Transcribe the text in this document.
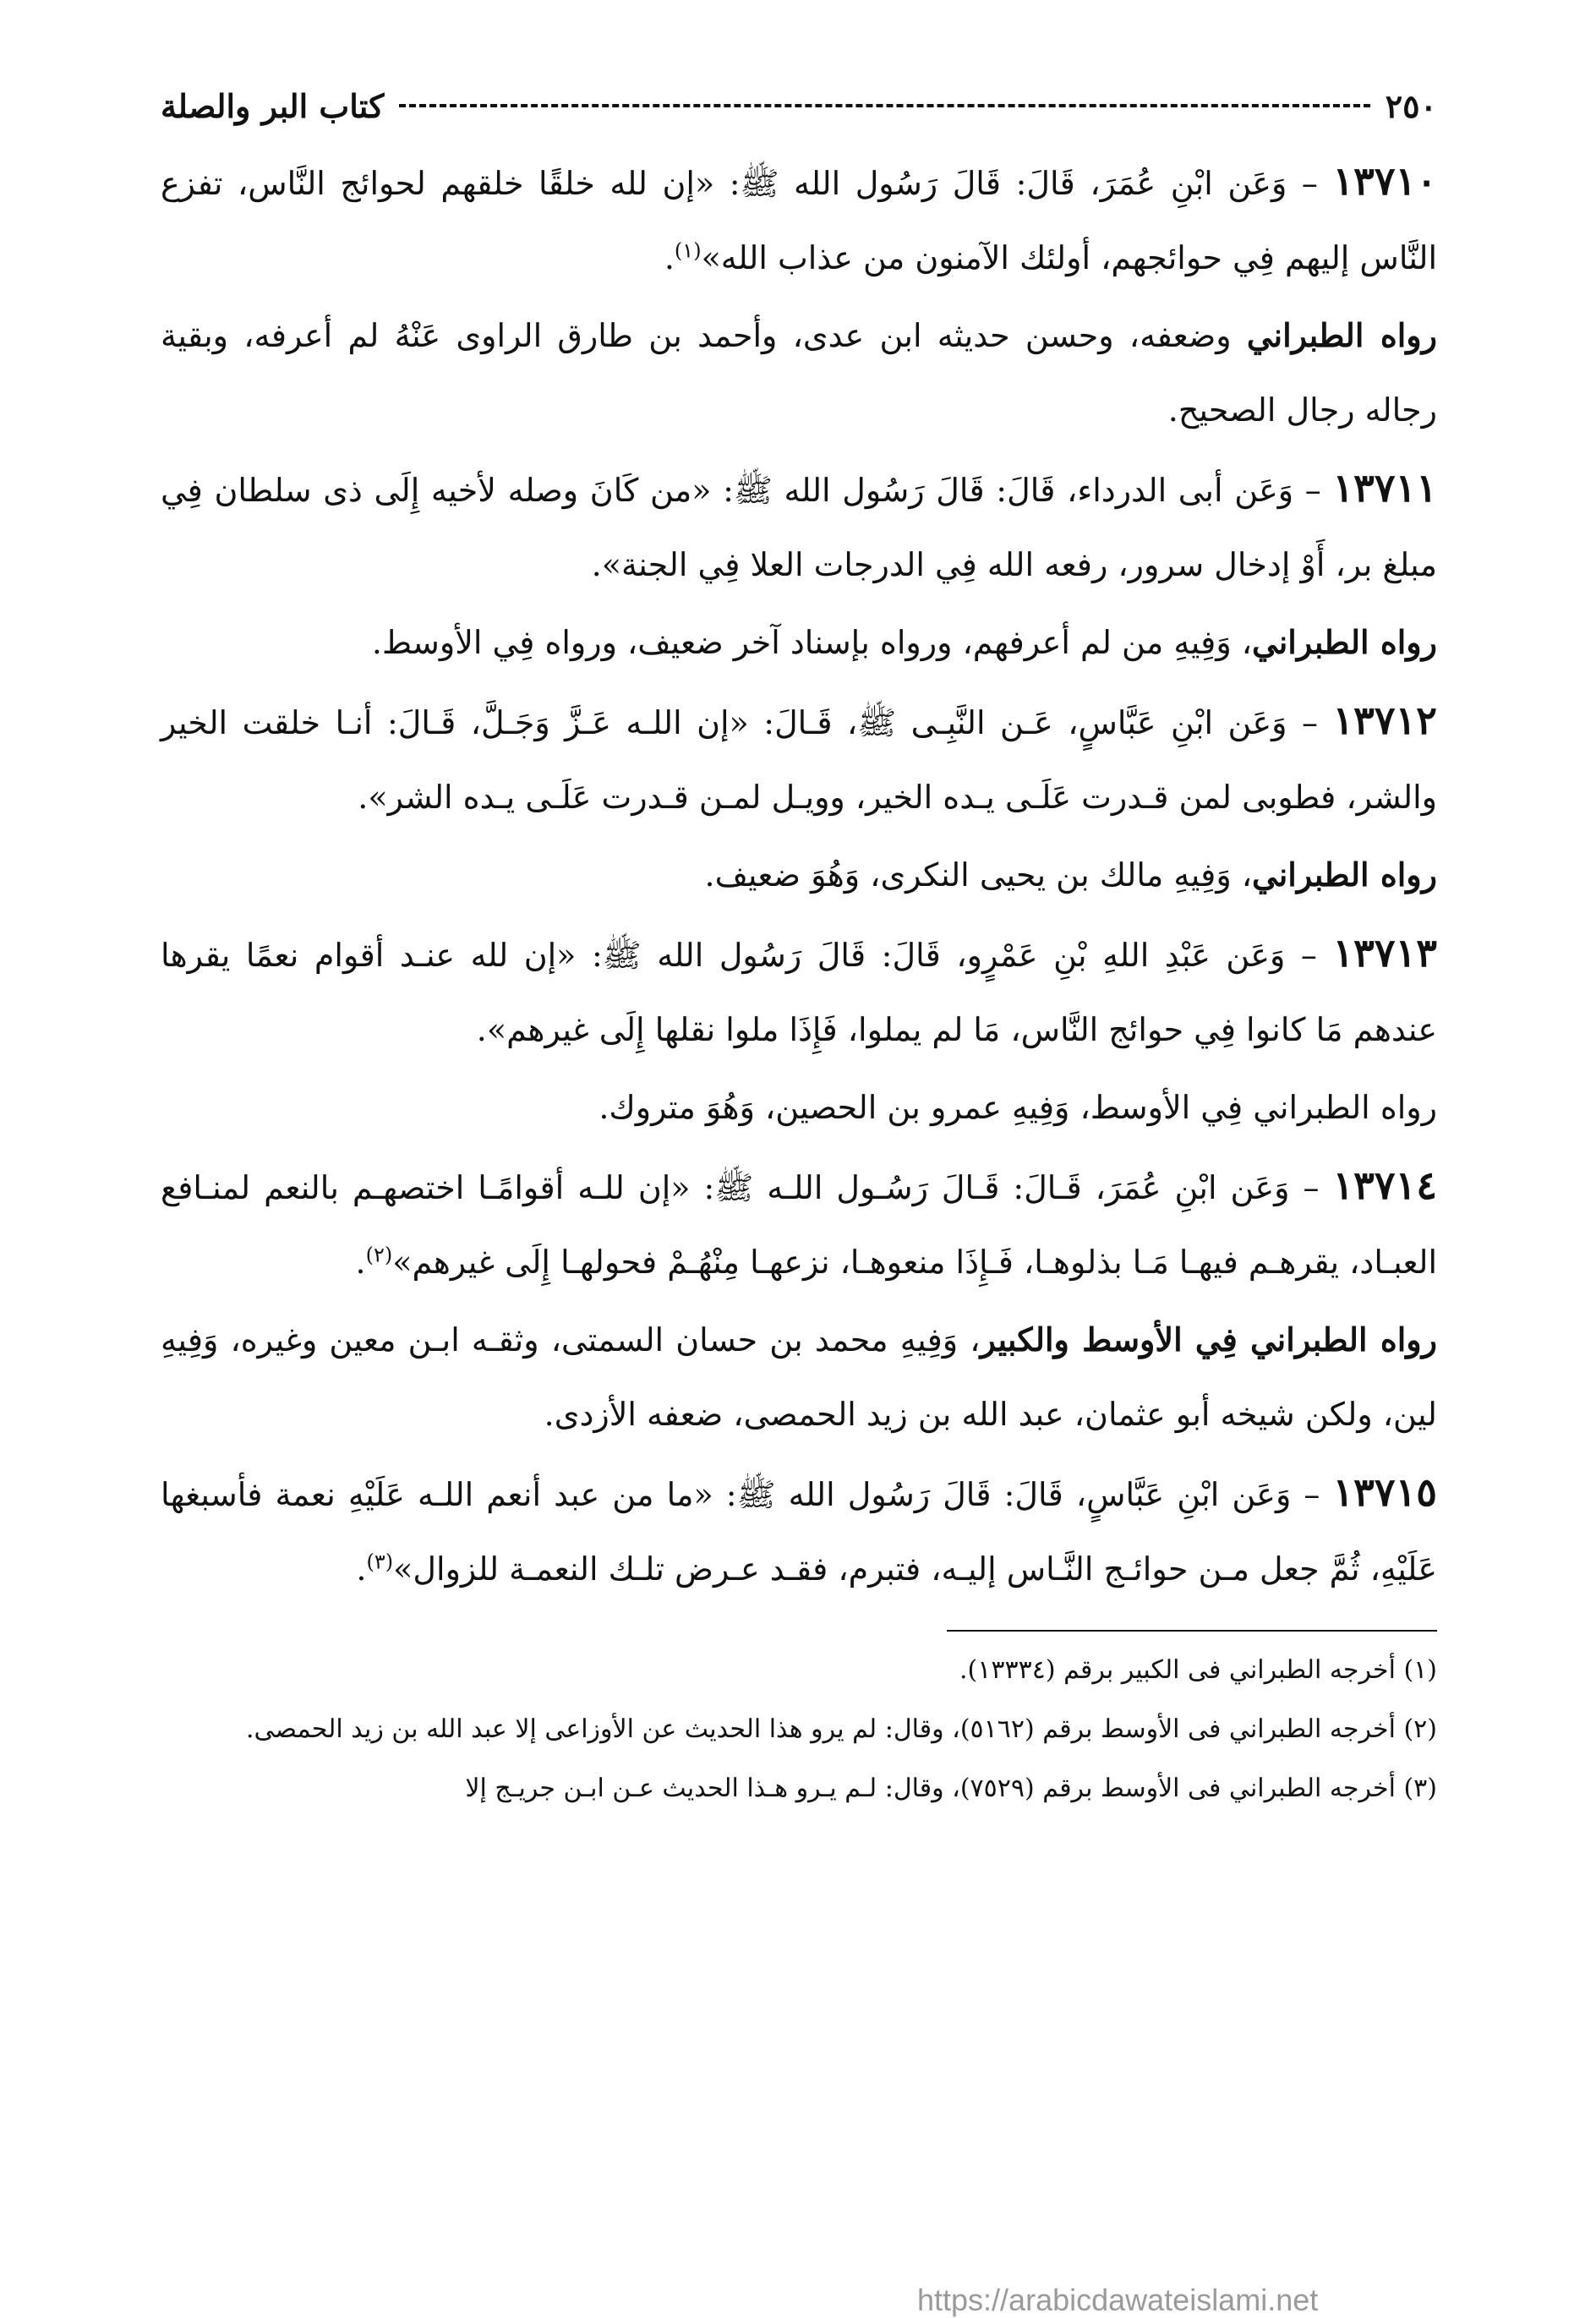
٢٥٠
كتاب البر والصلة

١٣٧١٠ – وَعَن ابْنِ عُمَرَ، قَالَ: قَالَ رَسُول الله ﷺ: «إن لله خلقًا خلقهم لحوائج النَّاس، تفزع النَّاس إليهم فِي حوائجهم، أولئك الآمنون من عذاب الله»$^{(١)}$.

رواه الطبراني وضعفه، وحسن حديثه ابن عدى، وأحمد بن طارق الراوى عَنْهُ لم أعرفه، وبقية رجاله رجال الصحيح.

١٣٧١١ – وَعَن أبى الدرداء، قَالَ: قَالَ رَسُول الله ﷺ: «من كَانَ وصله لأخيه إِلَى ذى سلطان فِي مبلغ بر، أَوْ إدخال سرور، رفعه الله فِي الدرجات العلا فِي الجنة».

رواه الطبراني، وَفِيهِ من لم أعرفهم، ورواه بإسناد آخر ضعيف، ورواه فِي الأوسط.

١٣٧١٢ – وَعَن ابْنِ عَبَّاسٍ، عَـن النَّبِـى ﷺ، قَـالَ: «إن اللـه عَـزَّ وَجَـلَّ، قَـالَ: أنـا خلقت الخير والشر، فطوبى لمن قـدرت عَلَـى يـده الخير، وويـل لمـن قـدرت عَلَـى يـده الشر».

رواه الطبراني، وَفِيهِ مالك بن يحيى النكرى، وَهُوَ ضعيف.

١٣٧١٣ – وَعَن عَبْدِ اللهِ بْنِ عَمْرٍو، قَالَ: قَالَ رَسُول الله ﷺ: «إن لله عنـد أقوام نعمًا يقرها عندهم مَا كانوا فِي حوائج النَّاس، مَا لم يملوا، فَإِذَا ملوا نقلها إِلَى غيرهم».

رواه الطبراني فِي الأوسط، وَفِيهِ عمرو بن الحصين، وَهُوَ متروك.

١٣٧١٤ – وَعَن ابْنِ عُمَرَ، قَـالَ: قَـالَ رَسُـول اللـه ﷺ: «إن للـه أقوامًـا اختصهـم بالنعم لمنـافع العبـاد، يقرهـم فيهـا مَـا بذلوهـا، فَـإِذَا منعوهـا، نزعهـا مِنْهُـمْ فحولهـا إِلَى غيرهم»$^{(٢)}$.

رواه الطبراني فِي الأوسط والكبير، وَفِيهِ محمد بن حسان السمتى، وثقـه ابـن معين وغيره، وَفِيهِ لين، ولكن شيخه أبو عثمان، عبد الله بن زيد الحمصى، ضعفه الأزدى.

١٣٧١٥ – وَعَن ابْنِ عَبَّاسٍ، قَالَ: قَالَ رَسُول الله ﷺ: «ما من عبد أنعم اللـه عَلَيْهِ نعمة فأسبغها عَلَيْهِ، ثُمَّ جعل مـن حوائـج النَّـاس إليـه، فتبرم، فقـد عـرض تلـك النعمـة للزوال»$^{(٣)}$.

(١) أخرجه الطبراني فى الكبير برقم (١٣٣٣٤).

(٢) أخرجه الطبراني فى الأوسط برقم (٥١٦٢)، وقال: لم يرو هذا الحديث عن الأوزاعى إلا عبد الله بن زيد الحمصى.

(٣) أخرجه الطبراني فى الأوسط برقم (٧٥٢٩)، وقال: لـم يـرو هـذا الحديث عـن ابـن جريـج إلا

https://arabicdawateislami.net
